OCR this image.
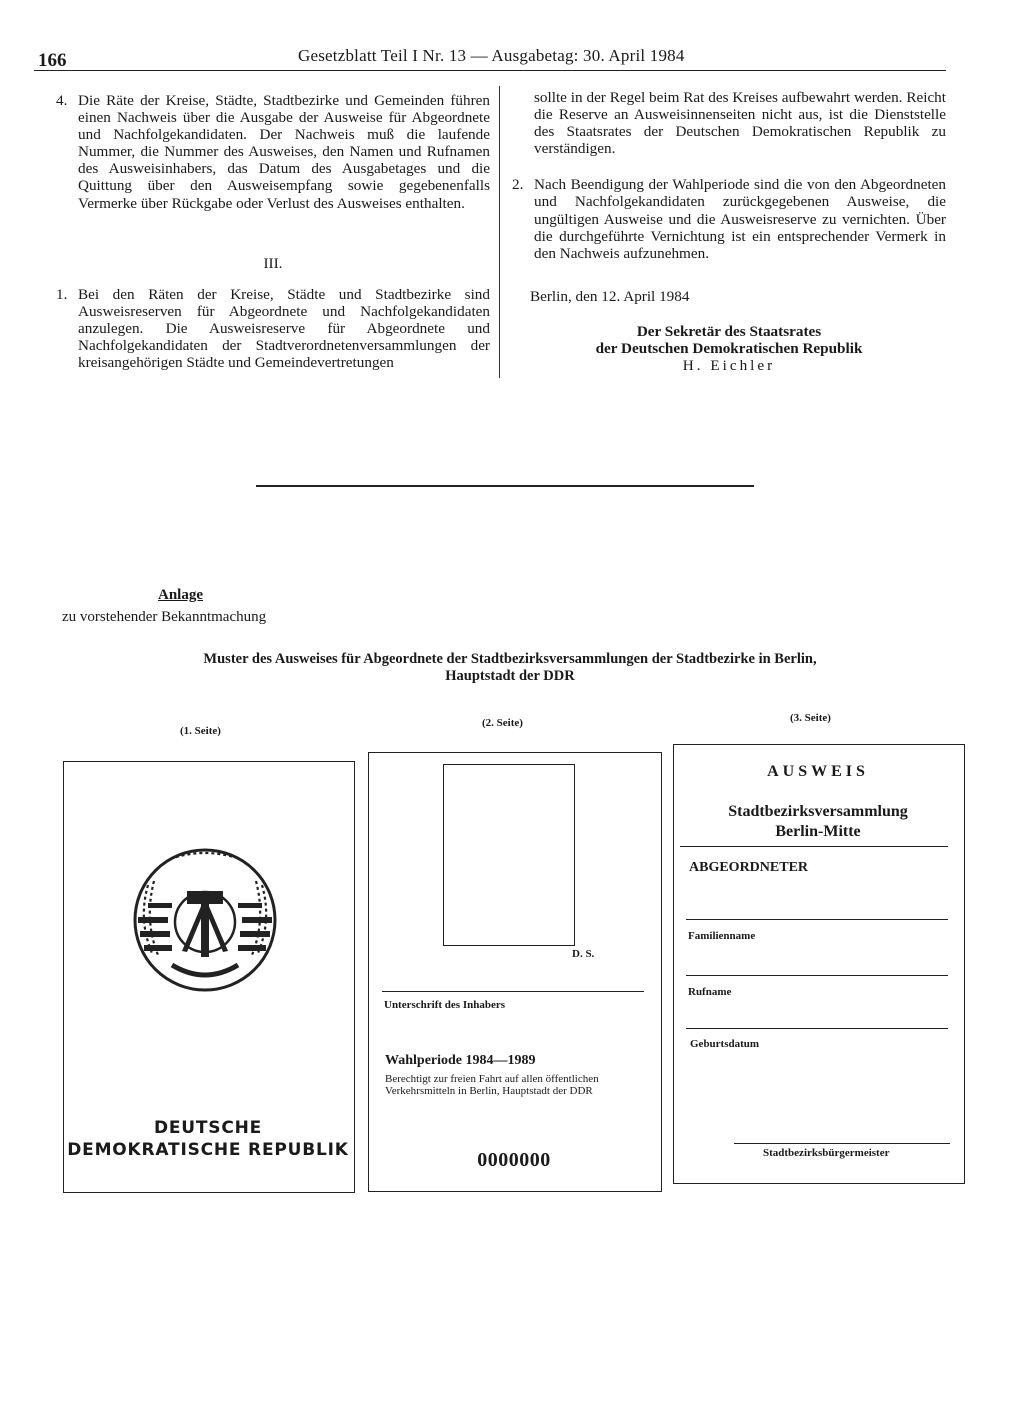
166	Gesetzblatt Teil I Nr. 13 — Ausgabetag: 30. April 1984
4. Die Räte der Kreise, Städte, Stadtbezirke und Gemeinden führen einen Nachweis über die Ausgabe der Ausweise für Abgeordnete und Nachfolgekandidaten. Der Nachweis muß die laufende Nummer, die Nummer des Ausweises, den Namen und Rufnamen des Ausweisinhabers, das Datum des Ausgabetages und die Quittung über den Ausweisempfang sowie gegebenenfalls Vermerke über Rückgabe oder Verlust des Ausweises enthalten.

III.

1. Bei den Räten der Kreise, Städte und Stadtbezirke sind Ausweisreserven für Abgeordnete und Nachfolgekandidaten anzulegen. Die Ausweisreserve für Abgeordnete und Nachfolgekandidaten der Stadtverordnetenversammlungen der kreisangehörigen Städte und Gemeindevertretungen

sollte in der Regel beim Rat des Kreises aufbewahrt werden. Reicht die Reserve an Ausweisinnenseiten nicht aus, ist die Dienststelle des Staatsrates der Deutschen Demokratischen Republik zu verständigen.

2. Nach Beendigung der Wahlperiode sind die von den Abgeordneten und Nachfolgekandidaten zurückgegebenen Ausweise, die ungültigen Ausweise und die Ausweisreserve zu vernichten. Über die durchgeführte Vernichtung ist ein entsprechender Vermerk in den Nachweis aufzunehmen.

Berlin, den 12. April 1984

Der Sekretär des Staatsrates

der Deutschen Demokratischen Republik

H. Eichler

Anlage
zu vorstehender Bekanntmachung
Muster des Ausweises für Abgeordnete der Stadtbezirksversammlungen der Stadtbezirke in Berlin,
Hauptstadt der DDR
(1. Seite)
(2. Seite)	(3. Seite)
DEUTSCHE
DEMOKRATISCHE REPUBLIK
D. S.
Unterschrift des Inhabers
Wahlperiode 1984—1989
Berechtigt zur freien Fahrt auf allen öffentlichen Verkehrsmitteln in Berlin, Hauptstadt der DDR
0000000
AUSWEIS
Stadtbezirksversammlung
Berlin-Mitte
ABGEORDNETER
Familienname
Rufname
Geburtsdatum
Stadtbezirksbürgermeister
